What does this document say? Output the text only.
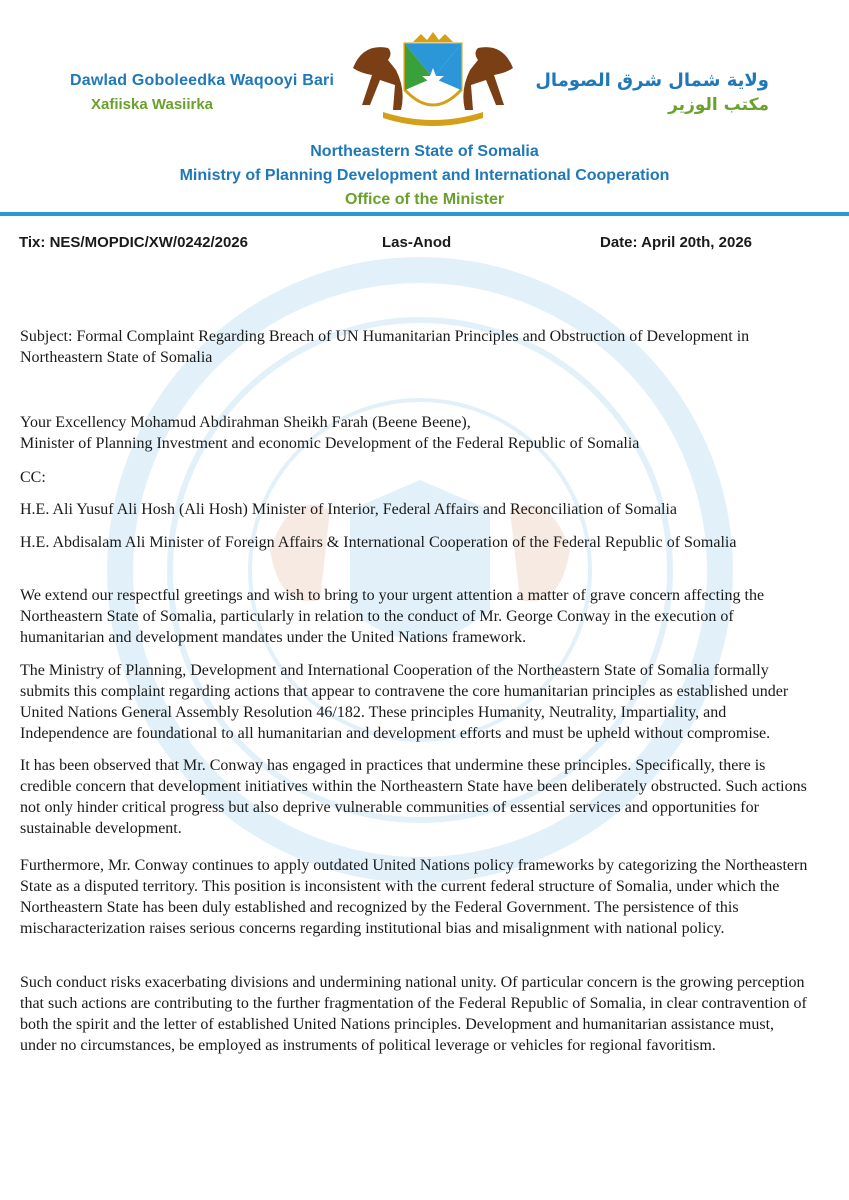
Dawlad Goboleedka Waqooyi Bari
Xafiiska Wasiirka
ولاية شمال شرق الصومال
مكتب الوزير
Northeastern State of Somalia
Ministry of Planning Development and International Cooperation
Office of the Minister
Tix: NES/MOPDIC/XW/0242/2026	Las-Anod	Date: April 20th, 2026

Subject: Formal Complaint Regarding Breach of UN Humanitarian Principles and Obstruction of Development in Northeastern State of Somalia

Your Excellency Mohamud Abdirahman Sheikh Farah (Beene Beene),

Minister of Planning Investment and economic Development of the Federal Republic of Somalia

CC:

H.E. Ali Yusuf Ali Hosh (Ali Hosh) Minister of Interior, Federal Affairs and Reconciliation of Somalia

H.E. Abdisalam Ali Minister of Foreign Affairs & International Cooperation of the Federal Republic of Somalia

We extend our respectful greetings and wish to bring to your urgent attention a matter of grave concern affecting the Northeastern State of Somalia, particularly in relation to the conduct of Mr. George Conway in the execution of humanitarian and development mandates under the United Nations framework.

The Ministry of Planning, Development and International Cooperation of the Northeastern State of Somalia formally submits this complaint regarding actions that appear to contravene the core humanitarian principles as established under United Nations General Assembly Resolution 46/182. These principles Humanity, Neutrality, Impartiality, and Independence are foundational to all humanitarian and development efforts and must be upheld without compromise.

It has been observed that Mr. Conway has engaged in practices that undermine these principles. Specifically, there is credible concern that development initiatives within the Northeastern State have been deliberately obstructed. Such actions not only hinder critical progress but also deprive vulnerable communities of essential services and opportunities for sustainable development.

Furthermore, Mr. Conway continues to apply outdated United Nations policy frameworks by categorizing the Northeastern State as a disputed territory. This position is inconsistent with the current federal structure of Somalia, under which the Northeastern State has been duly established and recognized by the Federal Government. The persistence of this mischaracterization raises serious concerns regarding institutional bias and misalignment with national policy.

Such conduct risks exacerbating divisions and undermining national unity. Of particular concern is the growing perception that such actions are contributing to the further fragmentation of the Federal Republic of Somalia, in clear contravention of both the spirit and the letter of established United Nations principles. Development and humanitarian assistance must, under no circumstances, be employed as instruments of political leverage or vehicles for regional favoritism.
